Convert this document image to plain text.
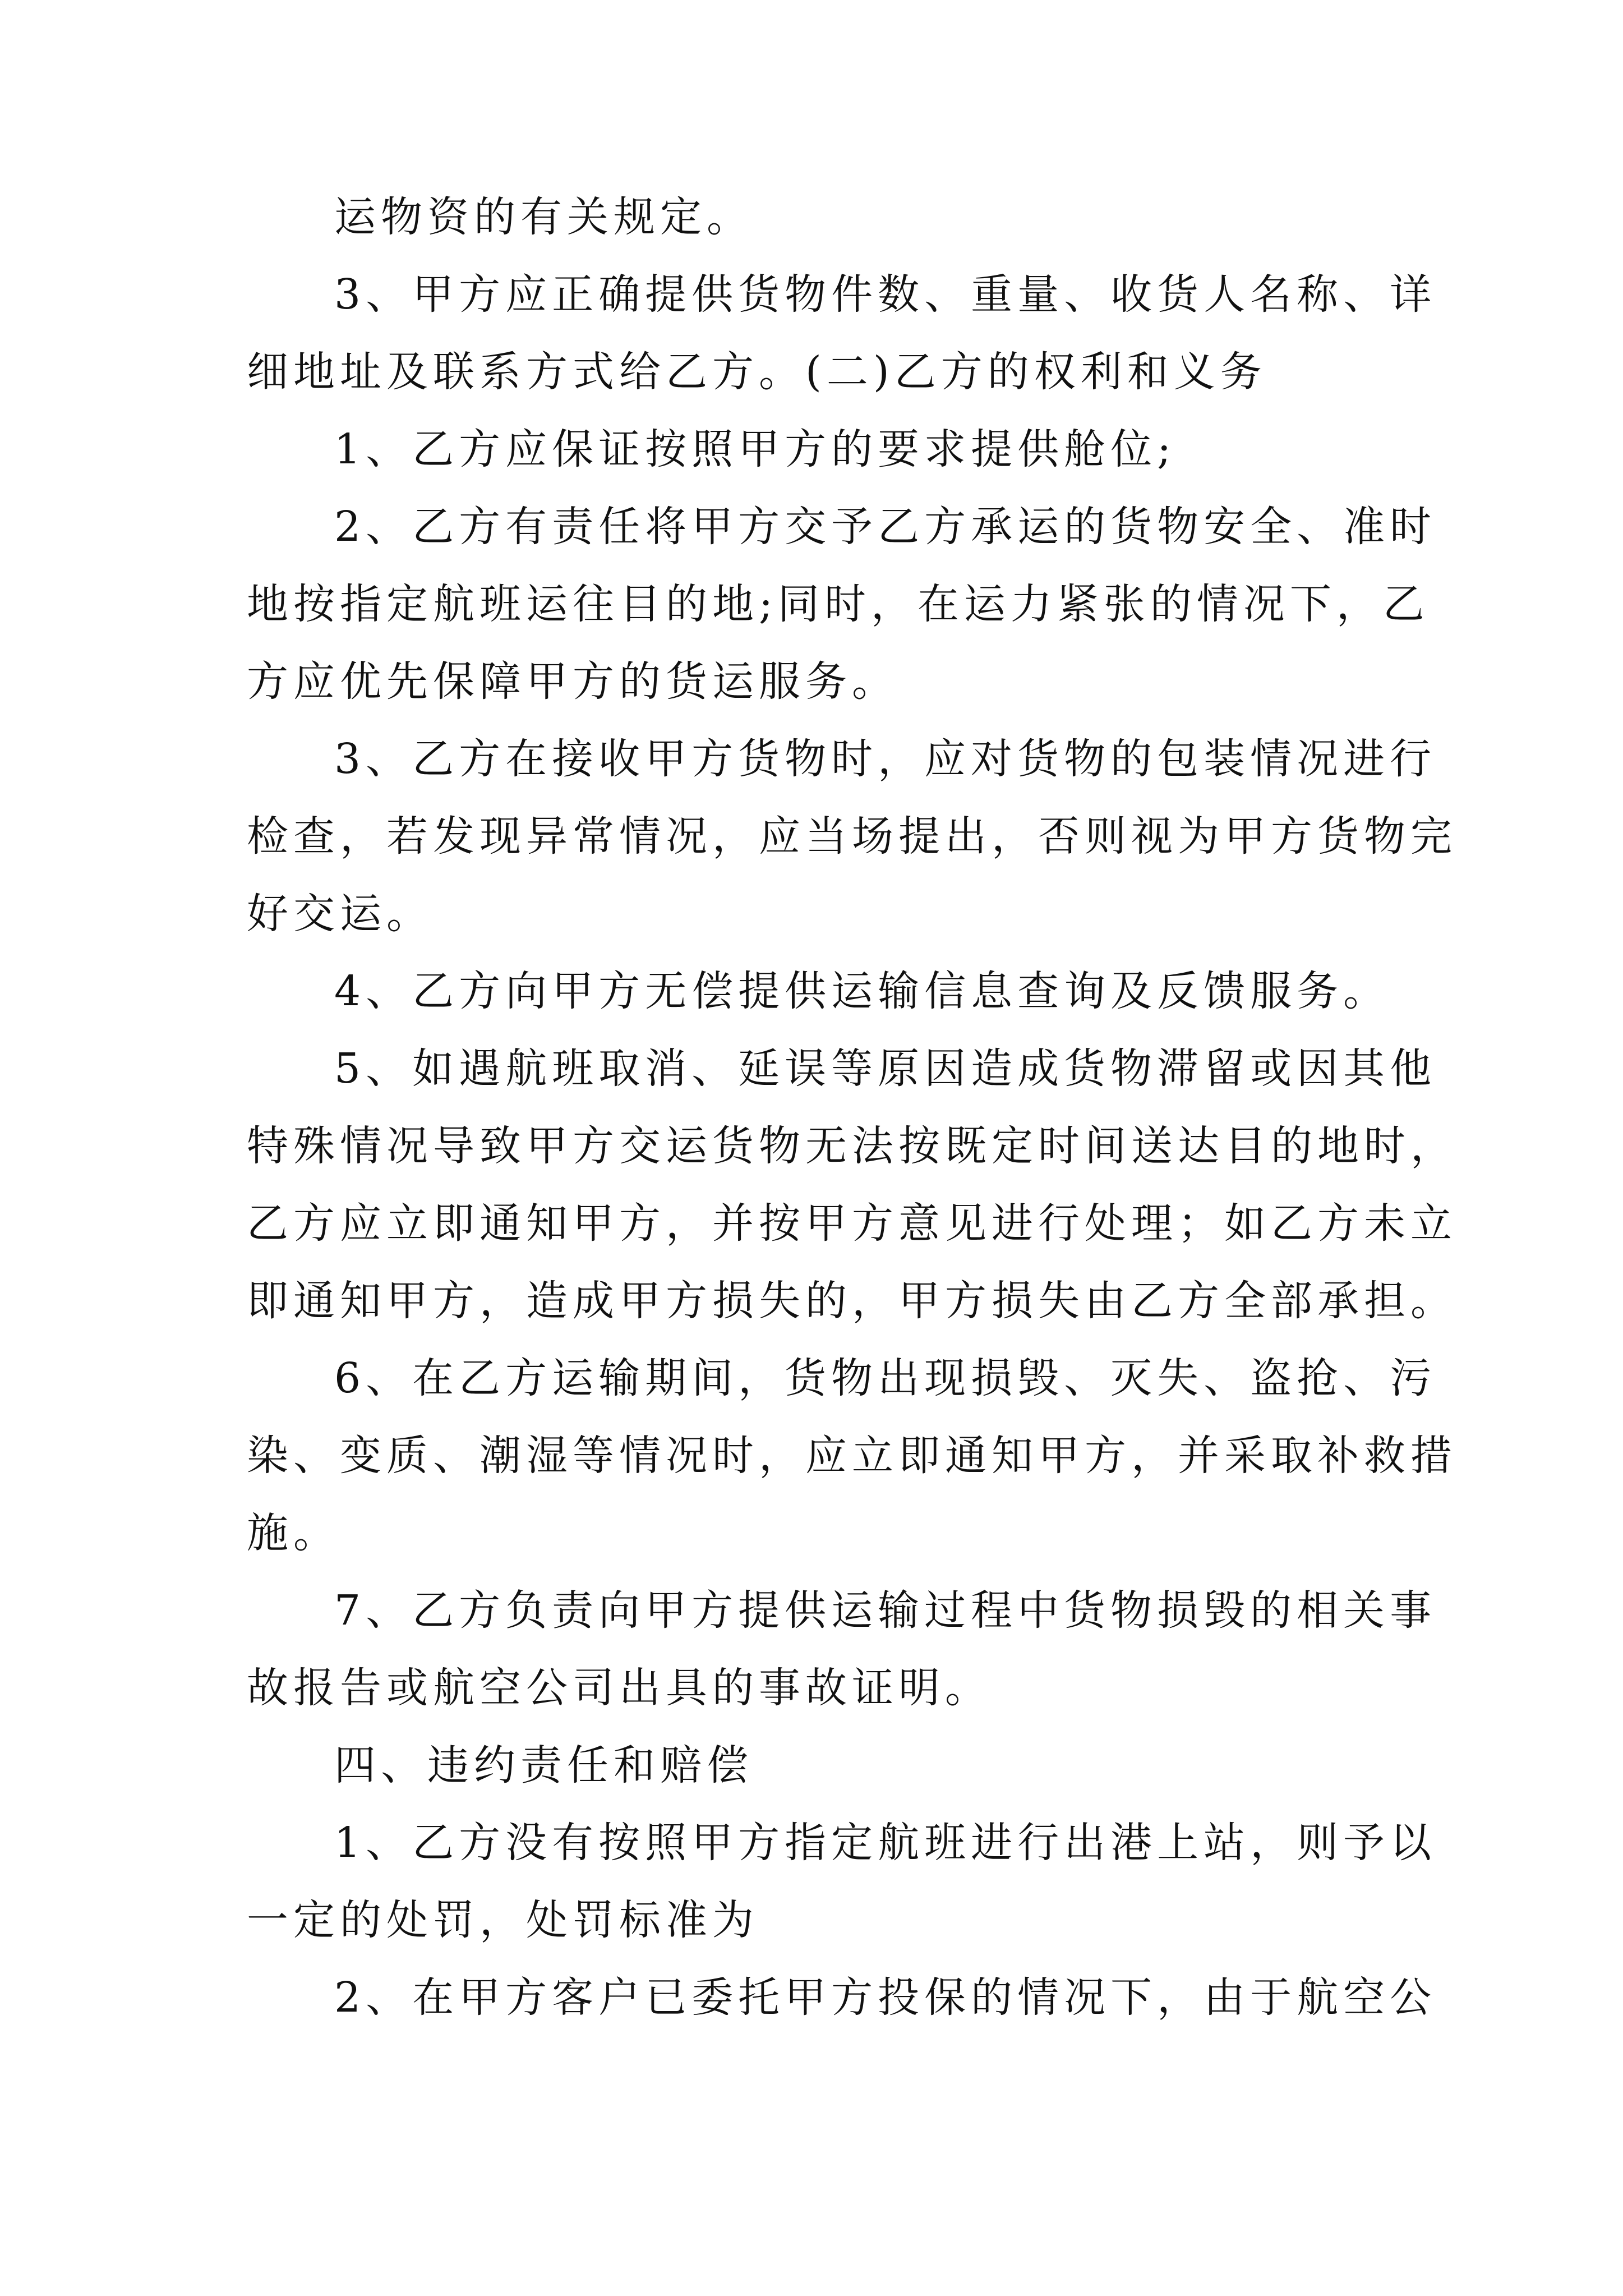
运物资的有关规定。
3、甲方应正确提供货物件数、重量、收货人名称、详
细地址及联系方式给乙方。(二)乙方的权利和义务
1、乙方应保证按照甲方的要求提供舱位;
2、乙方有责任将甲方交予乙方承运的货物安全、准时
地按指定航班运往目的地;同时，在运力紧张的情况下，乙
方应优先保障甲方的货运服务。
3、乙方在接收甲方货物时，应对货物的包装情况进行
检查，若发现异常情况，应当场提出，否则视为甲方货物完
好交运。
4、乙方向甲方无偿提供运输信息查询及反馈服务。
5、如遇航班取消、延误等原因造成货物滞留或因其他
特殊情况导致甲方交运货物无法按既定时间送达目的地时，
乙方应立即通知甲方，并按甲方意见进行处理；如乙方未立
即通知甲方，造成甲方损失的，甲方损失由乙方全部承担。
6、在乙方运输期间，货物出现损毁、灭失、盗抢、污
染、变质、潮湿等情况时，应立即通知甲方，并采取补救措
施。
7、乙方负责向甲方提供运输过程中货物损毁的相关事
故报告或航空公司出具的事故证明。
四、违约责任和赔偿
1、乙方没有按照甲方指定航班进行出港上站，则予以
一定的处罚，处罚标准为
2、在甲方客户已委托甲方投保的情况下，由于航空公
